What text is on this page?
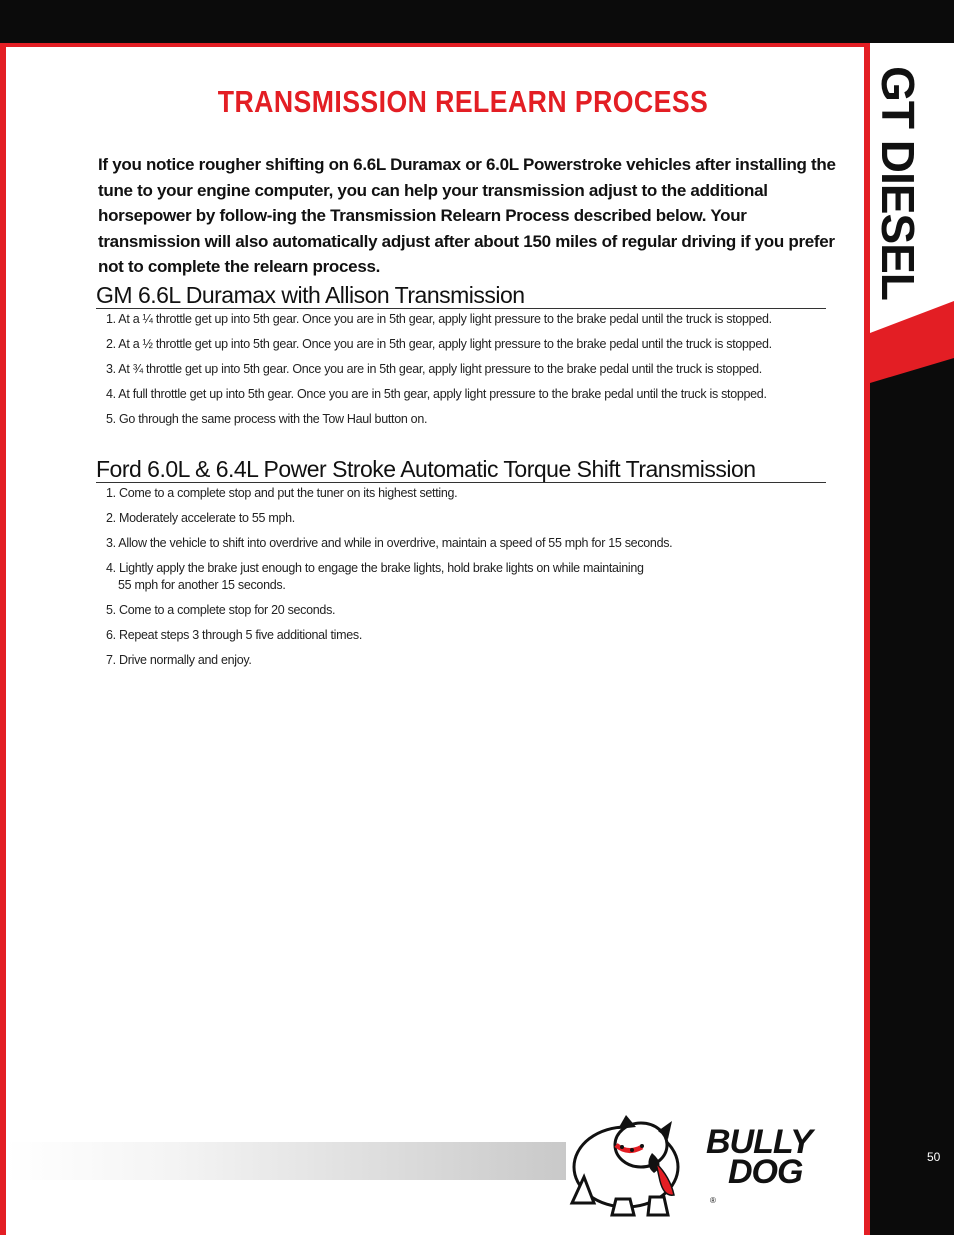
GT DIESEL
TRANSMISSION RELEARN PROCESS
If you notice rougher shifting on 6.6L Duramax or 6.0L Powerstroke vehicles after installing the tune to your engine computer, you can help your transmission adjust to the additional horsepower by follow-ing the Transmission Relearn Process described below. Your transmission will also automatically adjust after about 150 miles of regular driving if you prefer not to complete the relearn process.
GM 6.6L Duramax with Allison Transmission
1. At a ¼ throttle get up into 5th gear. Once you are in 5th gear, apply light pressure to the brake pedal until the truck is stopped.
2. At a ½ throttle get up into 5th gear. Once you are in 5th gear, apply light pressure to the brake pedal until the truck is stopped.
3. At ¾ throttle get up into 5th gear. Once you are in 5th gear, apply light pressure to the brake pedal until the truck is stopped.
4. At full throttle get up into 5th gear. Once you are in 5th gear, apply light pressure to the brake pedal until the truck is stopped.
5. Go through the same process with the Tow Haul button on.
Ford 6.0L & 6.4L Power Stroke Automatic Torque Shift Transmission
1. Come to a complete stop and put the tuner on its highest setting.
2. Moderately accelerate to 55 mph.
3. Allow the vehicle to shift into overdrive and while in overdrive, maintain a speed of 55 mph for 15 seconds.
4. Lightly apply the brake just enough to engage the brake lights, hold brake lights on while maintaining
55 mph for another 15 seconds.
5. Come to a complete stop for 20 seconds.
6. Repeat steps 3 through 5 five additional times.
7. Drive normally and enjoy.
BULLY
DOG
®
50
